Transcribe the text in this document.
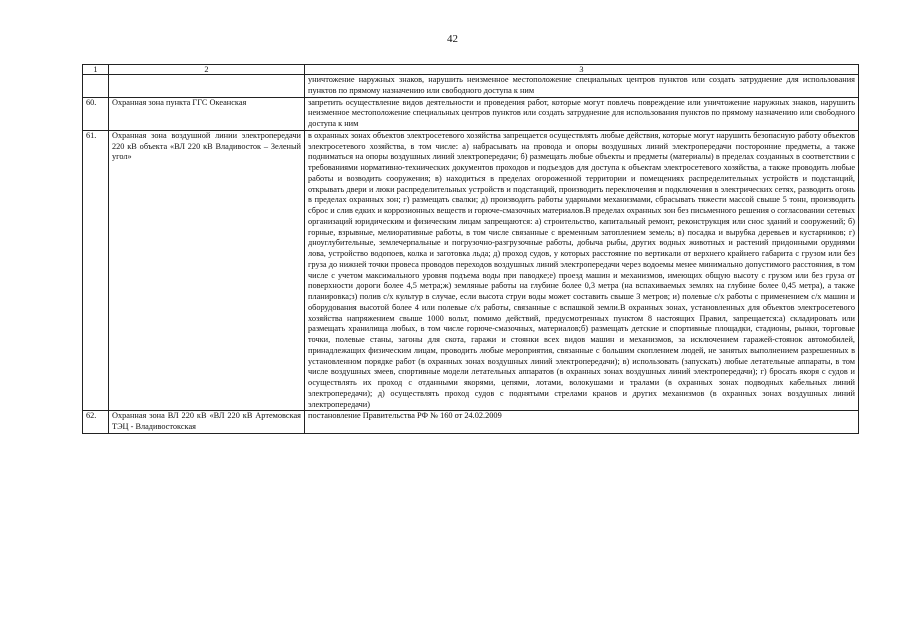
42
1	2	3
		уничтожение наружных знаков, нарушить неизменное местоположение специальных центров пунктов или создать затруднение для использования пунктов по прямому назначению или свободного доступа к ним
60.	Охранная зона пункта ГГС Океанская	запретить осуществление видов деятельности и проведения работ, которые могут повлечь повреждение или уничтожение наружных знаков, нарушить неизменное местоположение специальных центров пунктов или создать затруднение для использования пунктов по прямому назначению или свободного доступа к ним
61.	Охранная зона воздушной линии электропередачи 220 кВ объекта «ВЛ 220 кВ Владивосток – Зеленый угол»	в охранных зонах объектов электросетевого хозяйства запрещается осуществлять любые действия, которые могут нарушить безопасную работу объектов электросетевого хозяйства, в том числе: а) набрасывать на провода и опоры воздушных линий электропередачи посторонние предметы, а также подниматься на опоры воздушных линий электропередачи; б) размещать любые объекты и предметы (материалы) в пределах созданных в соответствии с требованиями нормативно-технических документов проходов и подъездов для доступа к объектам электросетевого хозяйства, а также проводить любые работы и возводить сооружения; в) находиться в пределах огороженной территории и помещениях распределительных устройств и подстанций, открывать двери и люки распределительных устройств и подстанций, производить переключения и подключения в электрических сетях, разводить огонь в пределах охранных зон; г) размещать свалки; д) производить работы ударными механизмами, сбрасывать тяжести массой свыше 5 тонн, производить сброс и слив едких и коррозионных веществ и горюче-смазочных материалов.В пределах охранных зон без письменного решения о согласовании сетевых организаций юридическим и физическим лицам запрещаются: а) строительство, капитальный ремонт, реконструкция или снос зданий и сооружений; б) горные, взрывные, мелиоративные работы, в том числе связанные с временным затоплением земель; в) посадка и вырубка деревьев и кустарников; г) дноуглубительные, землечерпальные и погрузочно-разгрузочные работы, добыча рыбы, других водных животных и растений придонными орудиями лова, устройство водопоев, колка и заготовка льда; д) проход судов, у которых расстояние по вертикали от верхнего крайнего габарита с грузом или без груза до нижней точки провеса проводов переходов воздушных линий электропередачи через водоемы менее минимально допустимого расстояния, в том числе с учетом максимального уровня подъема воды при паводке;е) проезд машин и механизмов, имеющих общую высоту с грузом или без груза от поверхности дороги более 4,5 метра;ж) земляные работы на глубине более 0,3 метра (на вспахиваемых землях на глубине более 0,45 метра), а также планировка;з) полив с/х культур в случае, если высота струи воды может составить свыше 3 метров; и) полевые с/х работы с применением с/х машин и оборудования высотой более 4 или полевые с/х работы, связанные с вспашкой земли.В охранных зонах, установленных для объектов электросетевого хозяйства напряжением свыше 1000 вольт, помимо действий, предусмотренных пунктом 8 настоящих Правил, запрещается:а) складировать или размещать хранилища любых, в том числе горюче-смазочных, материалов;б) размещать детские и спортивные площадки, стадионы, рынки, торговые точки, полевые станы, загоны для скота, гаражи и стоянки всех видов машин и механизмов, за исключением гаражей-стоянок автомобилей, принадлежащих физическим лицам, проводить любые мероприятия, связанные с большим скоплением людей, не занятых выполнением разрешенных в установленном порядке работ (в охранных зонах воздушных линий электропередачи); в) использовать (запускать) любые летательные аппараты, в том числе воздушных змеев, спортивные модели летательных аппаратов (в охранных зонах воздушных линий электропередачи); г) бросать якоря с судов и осуществлять их проход с отданными якорями, цепями, лотами, волокушами и тралами (в охранных зонах подводных кабельных линий электропередачи); д) осуществлять проход судов с поднятыми стрелами кранов и других механизмов (в охранных зонах воздушных линий электропередачи)
62.	Охранная зона ВЛ 220 кВ «ВЛ 220 кВ Артемовская ТЭЦ - Владивостокская	постановление Правительства РФ № 160 от 24.02.2009
